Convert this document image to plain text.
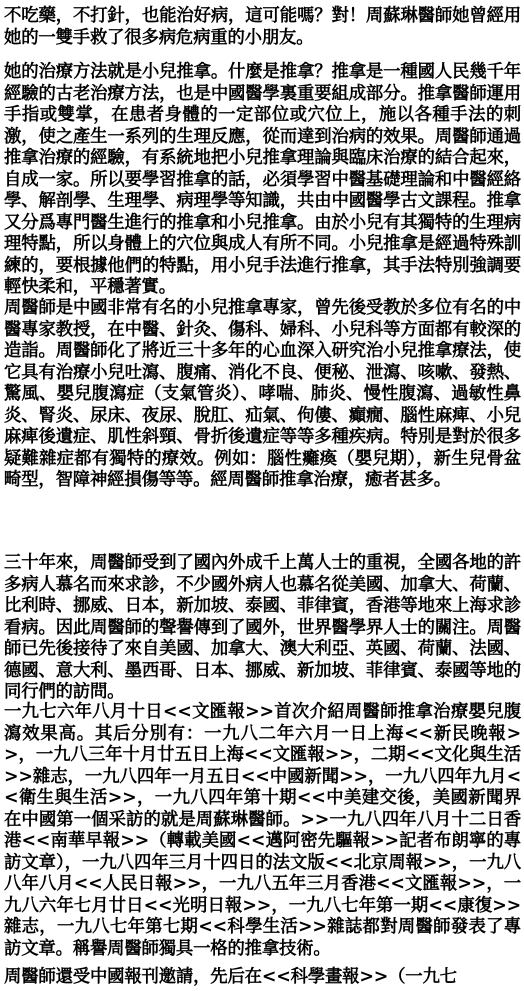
不吃藥，不打針，也能治好病，這可能嗎？對！周蘇琳醫師她曾經用她的一雙手救了很多病危病重的小朋友。

她的治療方法就是小兒推拿。什麼是推拿？推拿是一種國人民幾千年經驗的古老治療方法，也是中國醫學裏重要組成部分。推拿醫師運用手指或雙掌，在患者身體的一定部位或穴位上，施以各種手法的刺激，使之產生一系列的生理反應，從而達到治病的效果。周醫師通過推拿治療的經驗，有系統地把小兒推拿理論與臨床治療的結合起來，自成一家。所以要學習推拿的話，必須學習中醫基礎理論和中醫經絡學、解剖學、生理學、病理學等知識，共由中國醫學古文課程。推拿又分爲專門醫生進行的推拿和小兒推拿。由於小兒有其獨特的生理病理特點，所以身體上的穴位與成人有所不同。小兒推拿是經過特殊訓練的，要根據他們的特點，用小兒手法進行推拿，其手法特別強調要輕快柔和，平穩著實。

周醫師是中國非常有名的小兒推拿專家，曾先後受教於多位有名的中醫專家教授，在中醫、針灸、傷科、婦科、小兒科等方面都有較深的造詣。周醫師化了將近三十多年的心血深入研究治小兒推拿療法，使它具有治療小兒吐瀉、腹痛、消化不良、便秘、泄瀉、咳嗽、發熱、驚風、嬰兒腹瀉症（支氣管炎）、哮喘、肺炎、慢性腹瀉、過敏性鼻炎、腎炎、尿床、夜尿、脫肛、疝氣、佝僂、癲癇、腦性麻痺、小兒麻痺後遺症、肌性斜頸、骨折後遺症等等多種疾病。特別是對於很多疑難雜症都有獨特的療效。例如：腦性癱瘓（嬰兒期），新生兒骨盆畸型，智障神經損傷等等。經周醫師推拿治療，癒者甚多。

三十年來，周醫師受到了國內外成千上萬人士的重視，全國各地的許多病人慕名而來求診，不少國外病人也慕名從美國、加拿大、荷蘭、比利時、挪威、日本，新加坡、泰國、菲律賓，香港等地來上海求診看病。因此周醫師的聲譽傳到了國外，世界醫學界人士的關注。周醫師已先後接待了來自美國、加拿大、澳大利亞、英國、荷蘭、法國、德國、意大利、墨西哥、日本、挪威、新加坡、菲律賓、泰國等地的同行們的訪問。

一九七六年八月十日<<文匯報>>首次介紹周醫師推拿治療嬰兒腹瀉效果高。其后分別有：一九八二年六月一日上海<<新民晚報>>，一九八三年十月廿五日上海<<文匯報>>，二期<<文化與生活>>雜志，一九八四年一月五日<<中國新聞>>，一九八四年九月<<衛生與生活>>，一九八四年第十期<<中美建交後，美國新聞界在中國第一個采訪的就是周蘇琳醫師。>>一九八四年八月十二日香港<<南華早報>>（轉載美國<<邁阿密先驅報>>記者布朗寧的專訪文章），一九八四年三月十四日的法文版<<北京周報>>，一九八八年八月<<人民日報>>，一九八五年三月香港<<文匯報>>，一九八六年七月廿日<<光明日報>>，一九八七年第一期<<康復>>雜志，一九八七年第七期<<科學生活>>雜誌都對周醫師發表了專訪文章。稱譽周醫師獨具一格的推拿技術。

周醫師還受中國報刊邀請，先后在<<科學畫報>>（一九七
